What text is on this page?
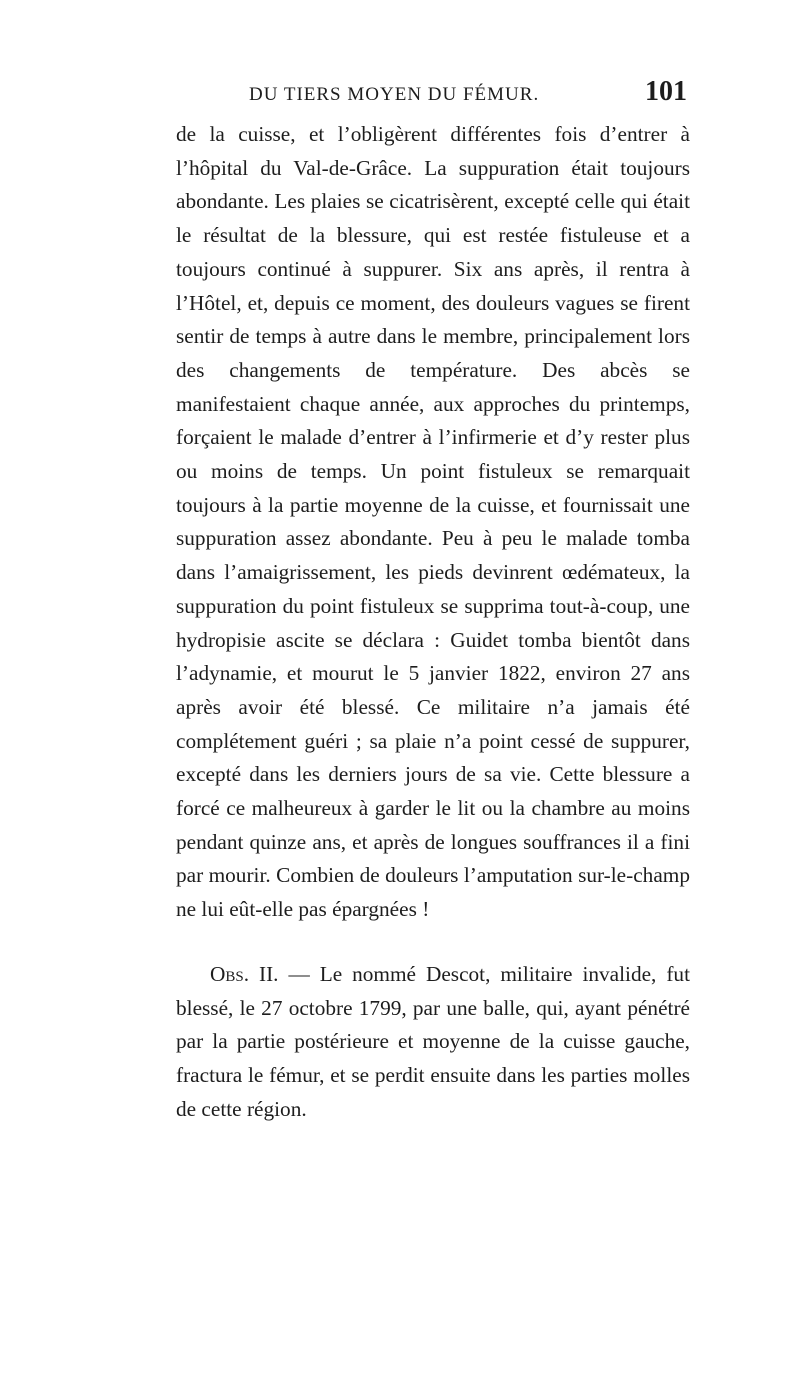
DU TIERS MOYEN DU FÉMUR.	101

de la cuisse, et l’obligèrent différentes fois d’entrer à l’hôpital du Val-de-Grâce. La suppuration était toujours abondante. Les plaies se cicatrisèrent, excepté celle qui était le résultat de la blessure, qui est restée fistuleuse et a toujours continué à suppurer. Six ans après, il rentra à l’Hôtel, et, depuis ce moment, des douleurs vagues se firent sentir de temps à autre dans le membre, principalement lors des changements de température. Des abcès se manifestaient chaque année, aux approches du printemps, forçaient le malade d’entrer à l’infirmerie et d’y rester plus ou moins de temps. Un point fistuleux se remarquait toujours à la partie moyenne de la cuisse, et fournissait une suppuration assez abondante. Peu à peu le malade tomba dans l’amaigrissement, les pieds devinrent œdémateux, la suppuration du point fistuleux se supprima tout-à-coup, une hydropisie ascite se déclara : Guidet tomba bientôt dans l’adynamie, et mourut le 5 janvier 1822, environ 27 ans après avoir été blessé. Ce militaire n’a jamais été complétement guéri ; sa plaie n’a point cessé de suppurer, excepté dans les derniers jours de sa vie. Cette blessure a forcé ce malheureux à garder le lit ou la chambre au moins pendant quinze ans, et après de longues souffrances il a fini par mourir. Combien de douleurs l’amputation sur-le-champ ne lui eût-elle pas épargnées !

Obs. II. — Le nommé Descot, militaire invalide, fut blessé, le 27 octobre 1799, par une balle, qui, ayant pénétré par la partie postérieure et moyenne de la cuisse gauche, fractura le fémur, et se perdit ensuite dans les parties molles de cette région.
